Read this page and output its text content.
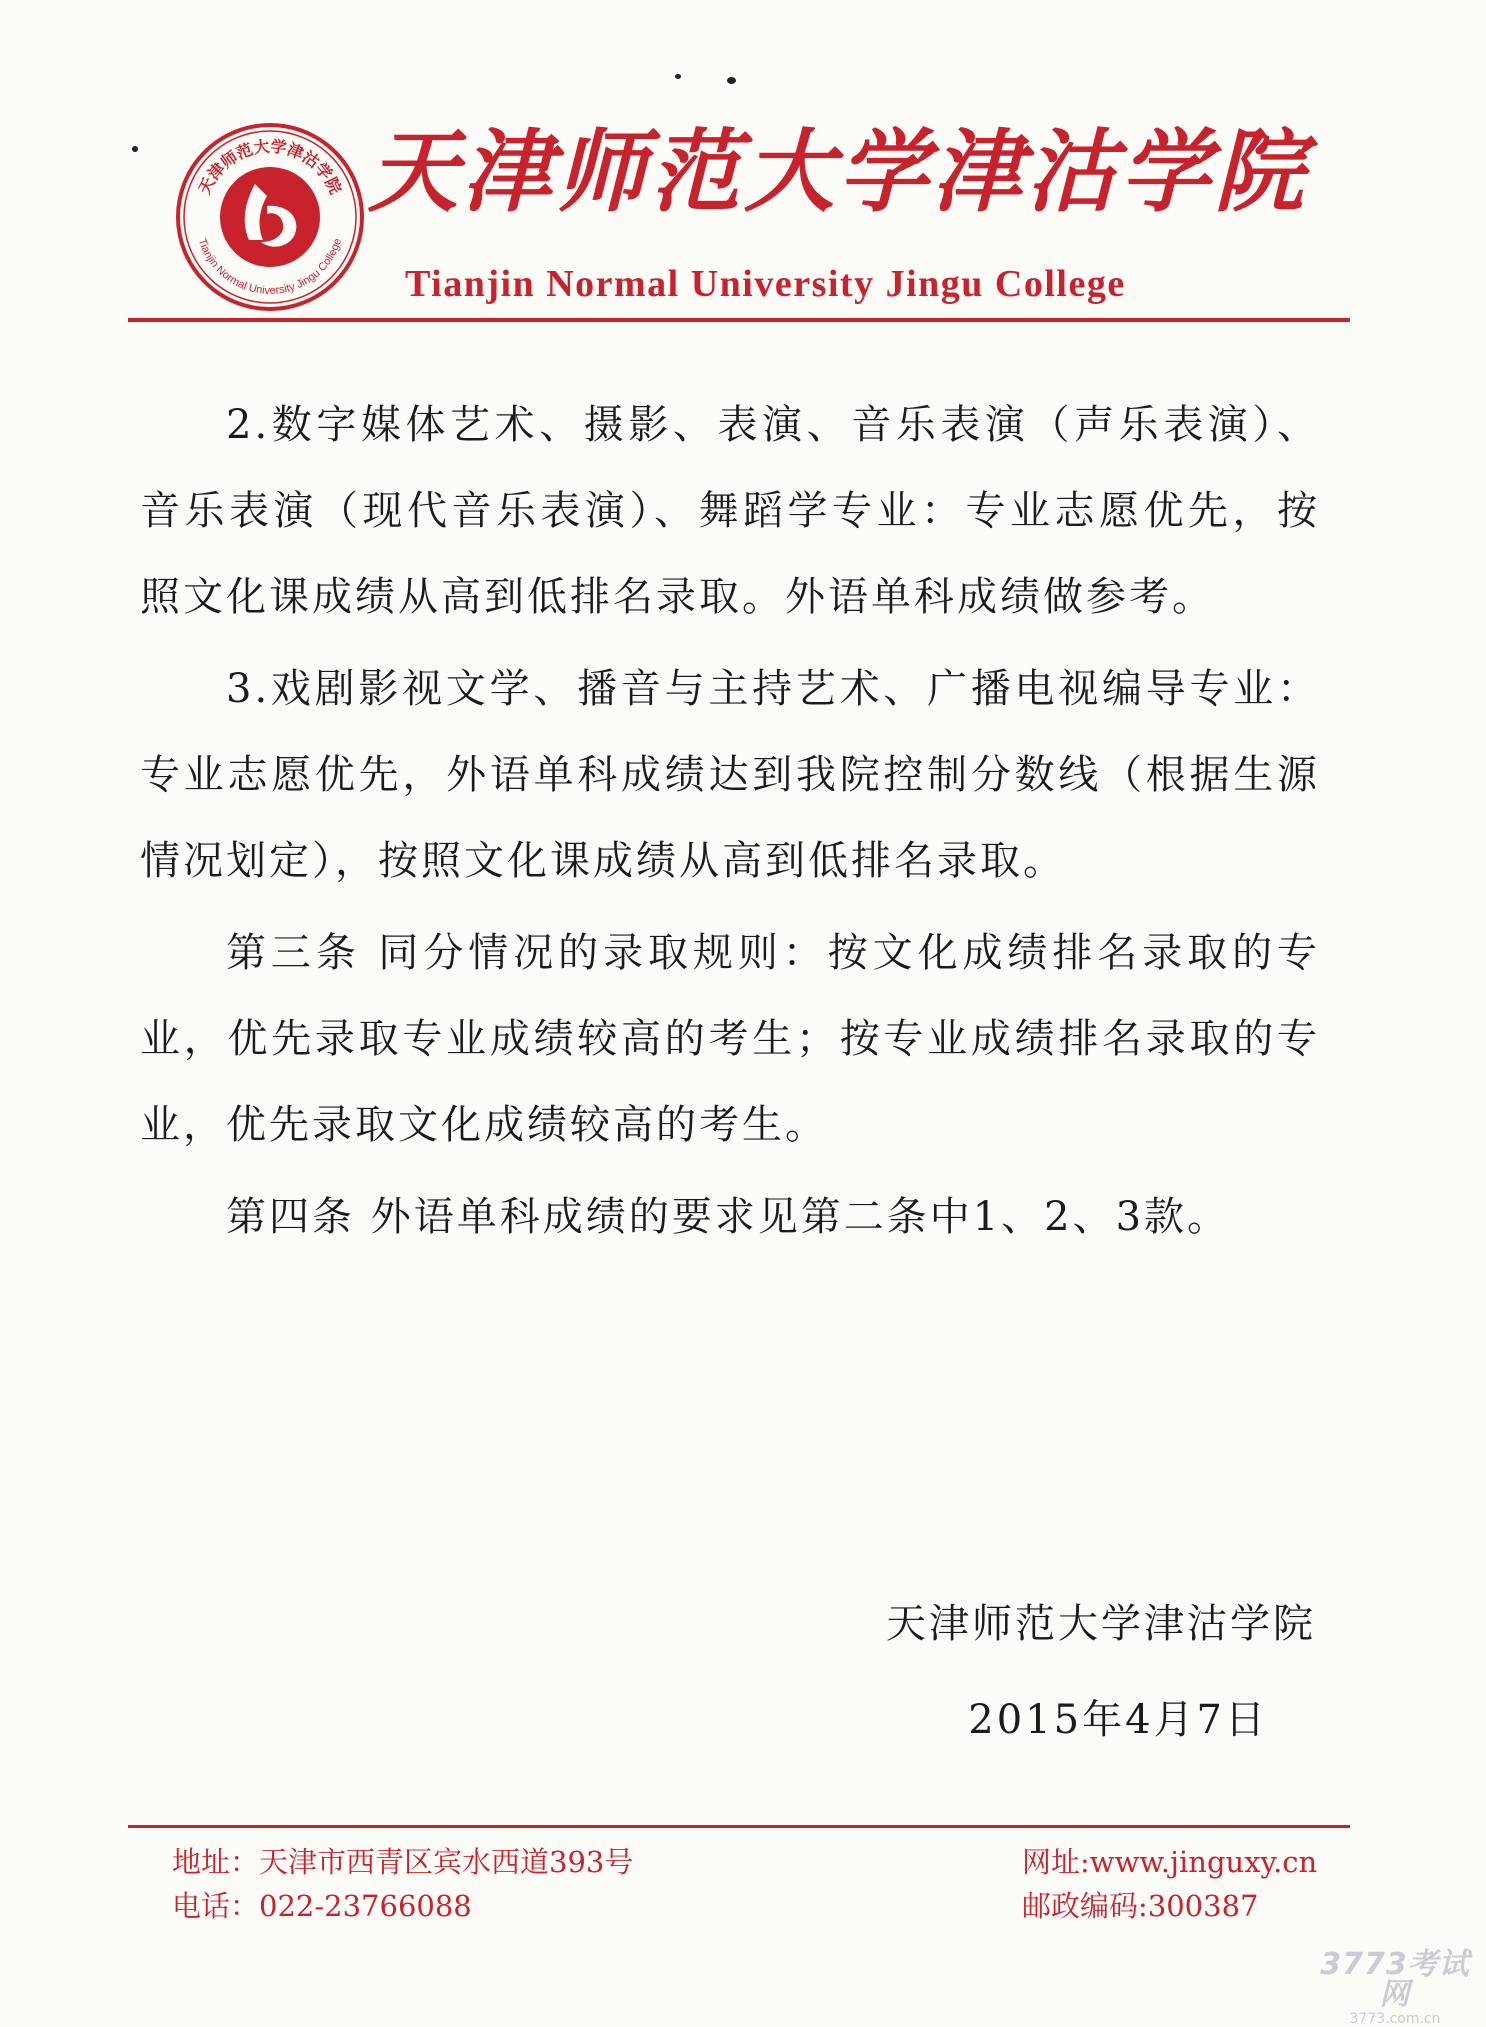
天津师范大学津沽学院
Tianjin Normal University Jingu College
天津师范大学津沽学院
Tianjin Normal University Jingu College

2.数字媒体艺术、摄影、表演、音乐表演（声乐表演）、音乐表演（现代音乐表演）、舞蹈学专业：专业志愿优先，按照文化课成绩从高到低排名录取。外语单科成绩做参考。

3.戏剧影视文学、播音与主持艺术、广播电视编导专业：专业志愿优先，外语单科成绩达到我院控制分数线（根据生源情况划定），按照文化课成绩从高到低排名录取。

第三条 同分情况的录取规则：按文化成绩排名录取的专业，优先录取专业成绩较高的考生；按专业成绩排名录取的专业，优先录取文化成绩较高的考生。

第四条 外语单科成绩的要求见第二条中1、2、3款。

天津师范大学津沽学院
2015年4月7日
地址：天津市西青区宾水西道393号
电话：022-23766088
网址:www.jinguxy.cn
邮政编码:300387
3773考试网
3773.com.cn
